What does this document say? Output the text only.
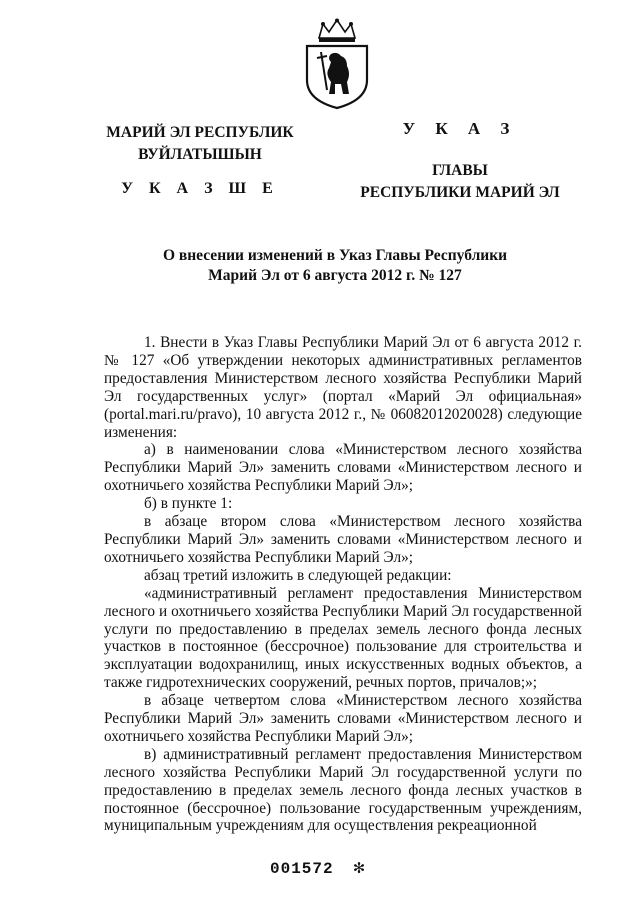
МАРИЙ ЭЛ РЕСПУБЛИК
ВУЙЛАТЫШЫН
У К А З Ш Е
У К А З
ГЛАВЫ
РЕСПУБЛИКИ МАРИЙ ЭЛ
О внесении изменений в Указ Главы Республики
Марий Эл от 6 августа 2012 г. № 127

1. Внести в Указ Главы Республики Марий Эл от 6 августа 2012 г. № 127 «Об утверждении некоторых административных регламентов предоставления Министерством лесного хозяйства Республики Марий Эл государственных услуг» (портал «Марий Эл официальная» (portal.mari.ru/pravo), 10 августа 2012 г., № 06082012020028) следующие изменения:

а) в наименовании слова «Министерством лесного хозяйства Республики Марий Эл» заменить словами «Министерством лесного и охотничьего хозяйства Республики Марий Эл»;

б) в пункте 1:

в абзаце втором слова «Министерством лесного хозяйства Республики Марий Эл» заменить словами «Министерством лесного и охотничьего хозяйства Республики Марий Эл»;

абзац третий изложить в следующей редакции:

«административный регламент предоставления Министерством лесного и охотничьего хозяйства Республики Марий Эл государственной услуги по предоставлению в пределах земель лесного фонда лесных участков в постоянное (бессрочное) пользование для строительства и эксплуатации водохранилищ, иных искусственных водных объектов, а также гидротехнических сооружений, речных портов, причалов;»;

в абзаце четвертом слова «Министерством лесного хозяйства Республики Марий Эл» заменить словами «Министерством лесного и охотничьего хозяйства Республики Марий Эл»;

в) административный регламент предоставления Министерством лесного хозяйства Республики Марий Эл государственной услуги по предоставлению в пределах земель лесного фонда лесных участков в постоянное (бессрочное) пользование государственным учреждениям, муниципальным учреждениям для осуществления рекреационной

001572 ✻
